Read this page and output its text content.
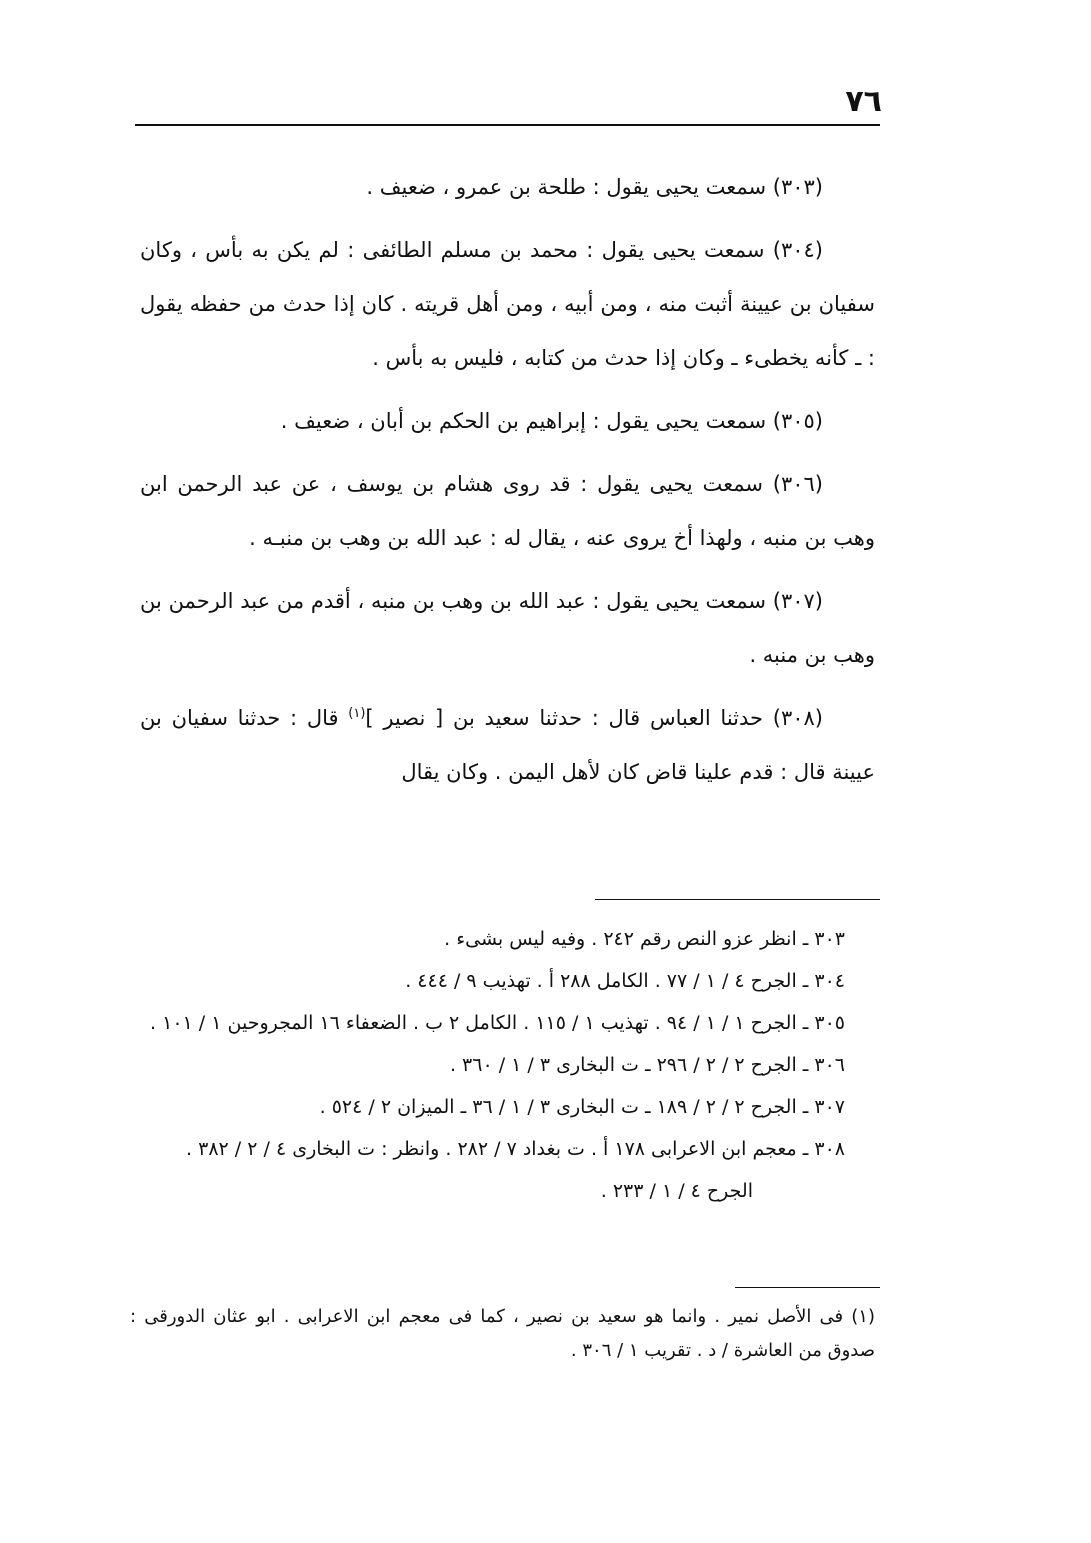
٧٦

(٣٠٣) سمعت يحيى يقول : طلحة بن عمرو ، ضعيف .

(٣٠٤) سمعت يحيى يقول : محمد بن مسلم الطائفى : لم يكن به بأس ، وكان سفيان بن عيينة أثبت منه ، ومن أبيه ، ومن أهل قريته . كان إذا حدث من حفظه يقول : ـ كأنه يخطىء ـ وكان إذا حدث من كتابه ، فليس به بأس .

(٣٠٥) سمعت يحيى يقول : إبراهيم بن الحكم بن أبان ، ضعيف .

(٣٠٦) سمعت يحيى يقول : قد روى هشام بن يوسف ، عن عبد الرحمن ابن وهب بن منبه ، ولهذا أخ يروى عنه ، يقال له : عبد الله بن وهب بن منبـه .

(٣٠٧) سمعت يحيى يقول : عبد الله بن وهب بن منبه ، أقدم من عبد الرحمن بن وهب بن منبه .

(٣٠٨) حدثنا العباس قال : حدثنا سعيد بن [ نصير ]$^{(١)}$ قال : حدثنا سفيان بن عيينة قال : قدم علينا قاض كان لأهل اليمن . وكان يقال

٣٠٣ ـ انظر عزو النص رقم ٢٤٢ . وفيه ليس بشىء .

٣٠٤ ـ الجرح ٤ / ١ / ٧٧ . الكامل ٢٨٨ أ . تهذيب ٩ / ٤٤٤ .

٣٠٥ ـ الجرح ١ / ١ / ٩٤ . تهذيب ١ / ١١٥ . الكامل ٢ ب . الضعفاء ١٦ المجروحين ١ / ١٠١ .

٣٠٦ ـ الجرح ٢ / ٢ / ٢٩٦ ـ ت البخارى ٣ / ١ / ٣٦٠ .

٣٠٧ ـ الجرح ٢ / ٢ / ١٨٩ ـ ت البخارى ٣ / ١ / ٣٦ ـ الميزان ٢ / ٥٢٤ .

٣٠٨ ـ معجم ابن الاعرابى ١٧٨ أ . ت بغداد ٧ / ٢٨٢ . وانظر : ت البخارى ٤ / ٢ / ٣٨٢ . الجرح ٤ / ١ / ٢٣٣ .

(١) فى الأصل نمير . وانما هو سعيد بن نصير ، كما فى معجم ابن الاعرابى . ابو عثان الدورقى : صدوق من العاشرة / د . تقريب ١ / ٣٠٦ .
